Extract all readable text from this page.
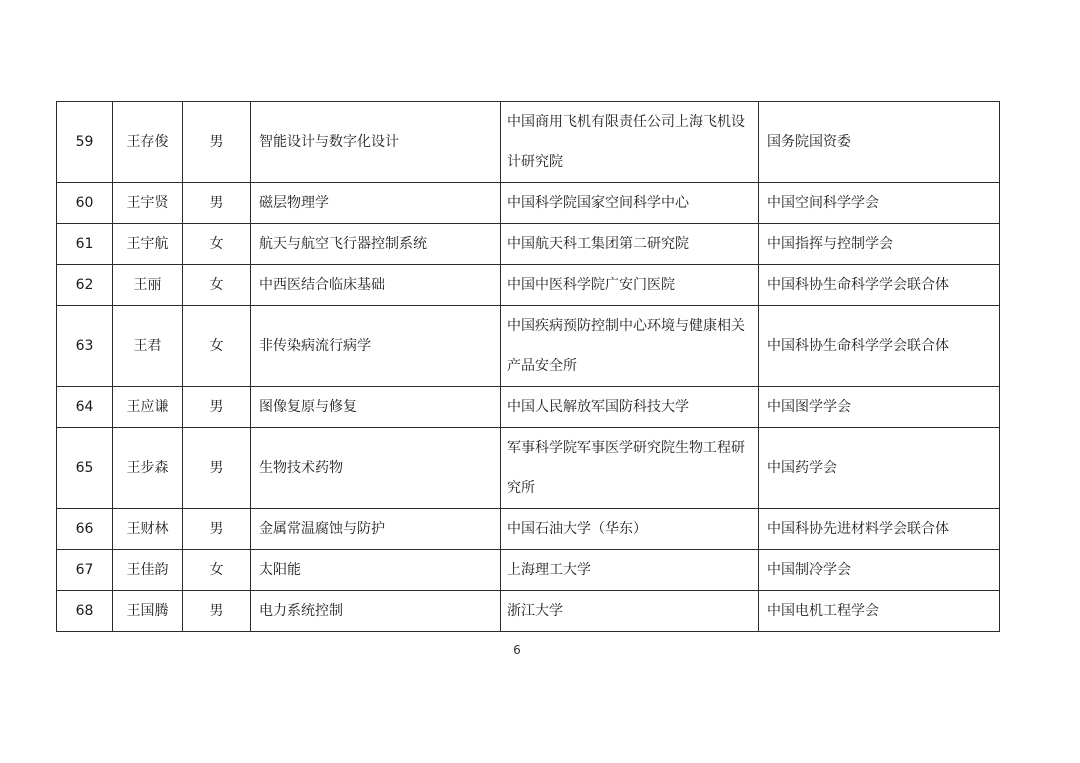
59	王存俊	男	智能设计与数字化设计	中国商用飞机有限责任公司上海飞机设计研究院	国务院国资委
60	王宇贤	男	磁层物理学	中国科学院国家空间科学中心	中国空间科学学会
61	王宇航	女	航天与航空飞行器控制系统	中国航天科工集团第二研究院	中国指挥与控制学会
62	王丽	女	中西医结合临床基础	中国中医科学院广安门医院	中国科协生命科学学会联合体
63	王君	女	非传染病流行病学	中国疾病预防控制中心环境与健康相关产品安全所	中国科协生命科学学会联合体
64	王应谦	男	图像复原与修复	中国人民解放军国防科技大学	中国图学学会
65	王步森	男	生物技术药物	军事科学院军事医学研究院生物工程研究所	中国药学会
66	王财林	男	金属常温腐蚀与防护	中国石油大学（华东）	中国科协先进材料学会联合体
67	王佳韵	女	太阳能	上海理工大学	中国制冷学会
68	王国腾	男	电力系统控制	浙江大学	中国电机工程学会
6
